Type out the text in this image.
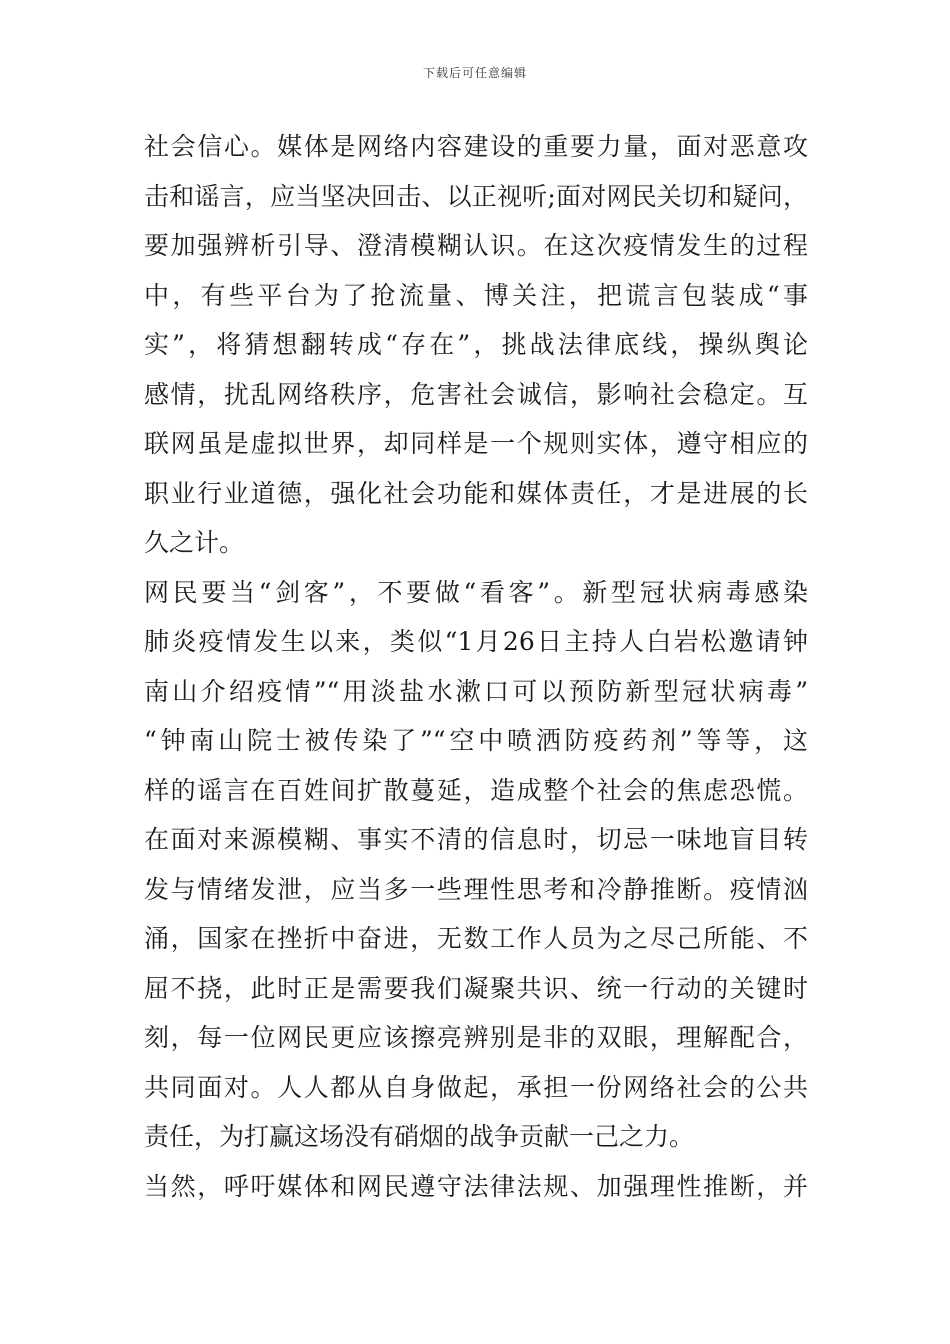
下载后可任意编辑
社会信心。媒体是网络内容建设的重要力量，面对恶意攻
击和谣言，应当坚决回击、以正视听;面对网民关切和疑问，
要加强辨析引导、澄清模糊认识。在这次疫情发生的过程
中，有些平台为了抢流量、博关注，把谎言包装成“事
实”，将猜想翻转成“存在”，挑战法律底线，操纵舆论
感情，扰乱网络秩序，危害社会诚信，影响社会稳定。互
联网虽是虚拟世界，却同样是一个规则实体，遵守相应的
职业行业道德，强化社会功能和媒体责任，才是进展的长
久之计。
网民要当“剑客”，不要做“看客”。新型冠状病毒感染
肺炎疫情发生以来，类似“1月26日主持人白岩松邀请钟
南山介绍疫情”“用淡盐水漱口可以预防新型冠状病毒”
“钟南山院士被传染了”“空中喷洒防疫药剂”等等，这
样的谣言在百姓间扩散蔓延，造成整个社会的焦虑恐慌。
在面对来源模糊、事实不清的信息时，切忌一味地盲目转
发与情绪发泄，应当多一些理性思考和冷静推断。疫情汹
涌，国家在挫折中奋进，无数工作人员为之尽己所能、不
屈不挠，此时正是需要我们凝聚共识、统一行动的关键时
刻，每一位网民更应该擦亮辨别是非的双眼，理解配合，
共同面对。人人都从自身做起，承担一份网络社会的公共
责任，为打赢这场没有硝烟的战争贡献一己之力。
当然，呼吁媒体和网民遵守法律法规、加强理性推断，并
